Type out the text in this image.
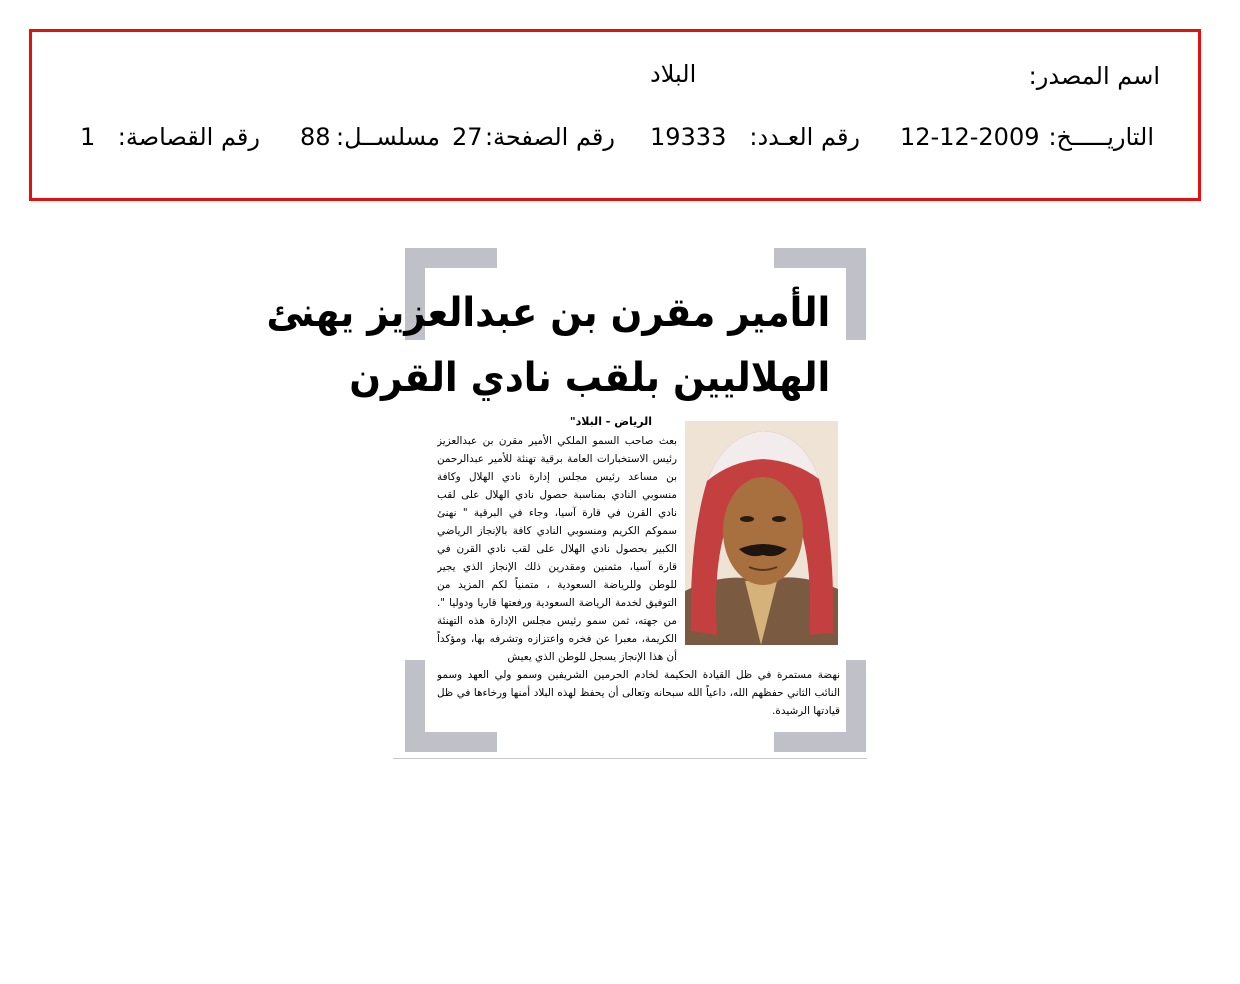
اسم المصدر:
البلاد
التاريـــــخ:
12-12-2009
رقم العـدد:
19333
رقم الصفحة:
27
مسلســل:
88
رقم القصاصة:
1
الأمير مقرن بن عبدالعزيز يهنئ
الهلاليين بلقب نادي القرن
الرياض - البلاد"
بعث صاحب السمو الملكي الأمير مقرن بن عبدالعزيز رئيس الاستخبارات العامة برقية تهنئة للأمير عبدالرحمن بن مساعد رئيس مجلس إدارة نادي الهلال وكافة منسوبي النادي بمناسبة حصول نادي الهلال على لقب نادي القرن في قارة آسيا، وجاء في البرقية " نهنئ سموكم الكريم ومنسوبي النادي كافة بالإنجاز الرياضي الكبير بحصول نادي الهلال على لقب نادي القرن في قارة آسيا، مثمنين ومقدرين ذلك الإنجاز الذي يجير للوطن وللرياضة السعودية ، متمنياً لكم المزيد من التوفيق لخدمة الرياضة السعودية ورفعتها قاريا ودوليا ". من جهته، ثمن سمو رئيس مجلس الإدارة هذه التهنئة الكريمة، معبرا عن فخره واعتزازه وتشرفه بها، ومؤكداً أن هذا الإنجاز يسجل للوطن الذي يعيش
نهضة مستمرة في ظل القيادة الحكيمة لخادم الحرمين الشريفين وسمو ولي العهد وسمو النائب الثاني حفظهم الله، داعياً الله سبحانه وتعالى أن يحفظ لهذه البلاد أمنها ورخاءها في ظل قيادتها الرشيدة.
